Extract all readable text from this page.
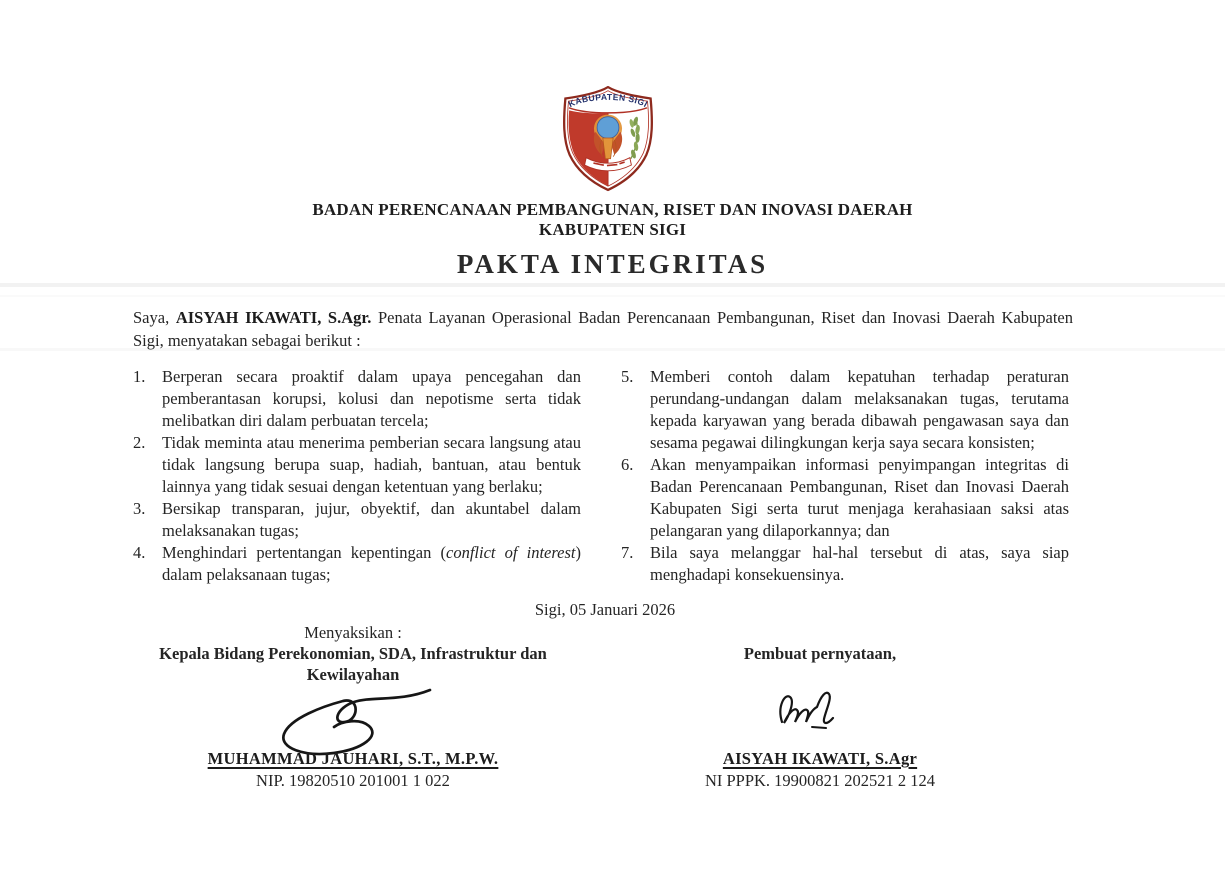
KABUPATEN SIGI
BADAN PERENCANAAN PEMBANGUNAN, RISET DAN INOVASI DAERAH
KABUPATEN SIGI
PAKTA INTEGRITAS

Saya, AISYAH IKAWATI, S.Agr. Penata Layanan Operasional Badan Perencanaan Pembangunan, Riset dan Inovasi Daerah Kabupaten Sigi, menyatakan sebagai berikut :

1. Berperan secara proaktif dalam upaya pencegahan dan pemberantasan korupsi, kolusi dan nepotisme serta tidak melibatkan diri dalam perbuatan tercela;
2. Tidak meminta atau menerima pemberian secara langsung atau tidak langsung berupa suap, hadiah, bantuan, atau bentuk lainnya yang tidak sesuai dengan ketentuan yang berlaku;
3. Bersikap transparan, jujur, obyektif, dan akuntabel dalam melaksanakan tugas;
4. Menghindari pertentangan kepentingan (conflict of interest) dalam pelaksanaan tugas;
5. Memberi contoh dalam kepatuhan terhadap peraturan perundang-undangan dalam melaksanakan tugas, terutama kepada karyawan yang berada dibawah pengawasan saya dan sesama pegawai dilingkungan kerja saya secara konsisten;
6. Akan menyampaikan informasi penyimpangan integritas di Badan Perencanaan Pembangunan, Riset dan Inovasi Daerah Kabupaten Sigi serta turut menjaga kerahasiaan saksi atas pelangaran yang dilaporkannya; dan
7. Bila saya melanggar hal-hal tersebut di atas, saya siap menghadapi konsekuensinya.
Sigi, 05 Januari 2026
Menyaksikan :
Kepala Bidang Perekonomian, SDA, Infrastruktur dan
Kewilayahan
Pembuat pernyataan,
MUHAMMAD JAUHARI, S.T., M.P.W.
NIP. 19820510 201001 1 022
AISYAH IKAWATI, S.Agr
NI PPPK. 19900821 202521 2 124
